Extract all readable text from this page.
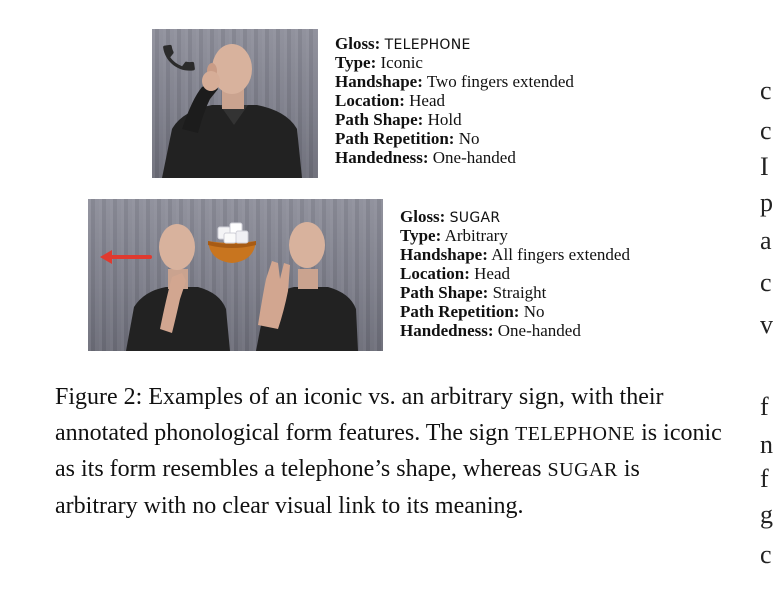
Gloss: TELEPHONE
Type: Iconic
Handshape: Two fingers extended
Location: Head
Path Shape: Hold
Path Repetition: No
Handedness: One-handed
Gloss: SUGAR
Type: Arbitrary
Handshape: All fingers extended
Location: Head
Path Shape: Straight
Path Repetition: No
Handedness: One-handed
Figure 2: Examples of an iconic vs. an arbitrary sign, with their annotated phonological form features. The sign TELEPHONE is iconic as its form resembles a telephone’s shape, whereas SUGAR is arbitrary with no clear visual link to its meaning.
c
c
I
p
a
c
v
f
n
f
g
c
